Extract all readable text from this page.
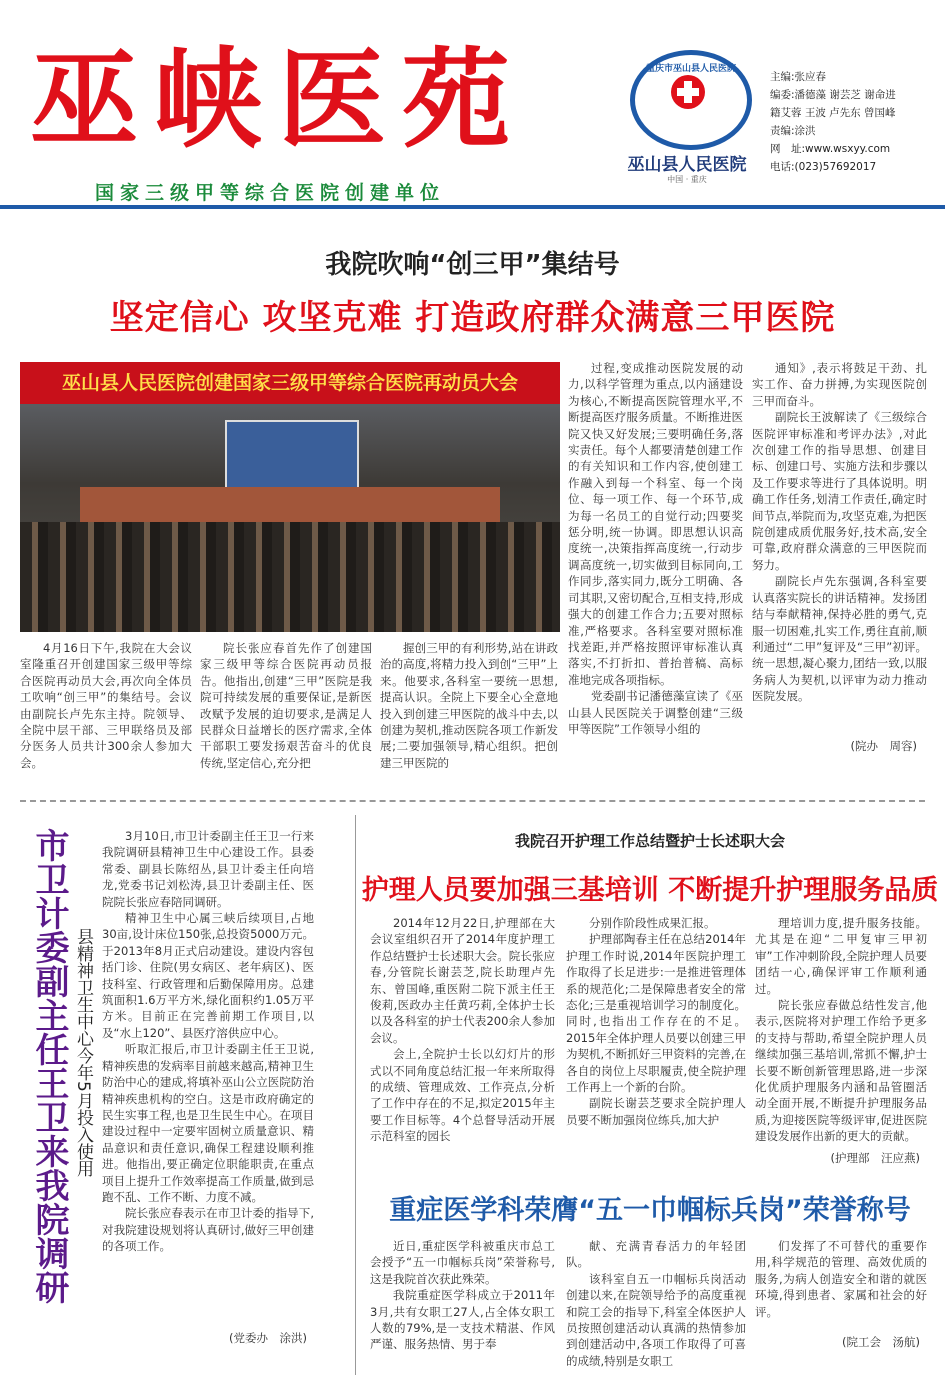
巫峡医苑
国家三级甲等综合医院创建单位
重庆市巫山县人民医院
巫山县人民医院
中国 · 重庆
主编:张应春
编委:潘德藻 谢芸芝 谢命进
籍艾蓉 王波 卢先东 曾国峰
责编:涂洪
网　址:www.wsxyy.com
电话:(023)57692017
我院吹响“创三甲”集结号
坚定信心 攻坚克难 打造政府群众满意三甲医院
巫山县人民医院创建国家三级甲等综合医院再动员大会

4月16日下午,我院在大会议室隆重召开创建国家三级甲等综合医院再动员大会,再次向全体员工吹响“创三甲”的集结号。会议由副院长卢先东主持。院领导、全院中层干部、三甲联络员及部分医务人员共计300余人参加大会。

院长张应春首先作了创建国家三级甲等综合医院再动员报告。他指出,创建“三甲”医院是我院可持续发展的重要保证,是新医改赋予发展的迫切要求,是满足人民群众日益增长的医疗需求,全体干部职工要发扬艰苦奋斗的优良传统,坚定信心,充分把

握创三甲的有利形势,站在讲政治的高度,将精力投入到创“三甲”上来。他要求,各科室一要统一思想,提高认识。全院上下要全心全意地投入到创建三甲医院的战斗中去,以创建为契机,推动医院各项工作新发展;二要加强领导,精心组织。把创建三甲医院的

过程,变成推动医院发展的动力,以科学管理为重点,以内涵建设为核心,不断提高医院管理水平,不断提高医疗服务质量。不断推进医院又快又好发展;三要明确任务,落实责任。每个人都要清楚创建工作的有关知识和工作内容,使创建工作融入到每一个科室、每一个岗位、每一项工作、每一个环节,成为每一名员工的自觉行动;四要奖惩分明,统一协调。即思想认识高度统一,决策指挥高度统一,行动步调高度统一,切实做到目标同向,工作同步,落实同力,既分工明确、各司其职,又密切配合,互相支持,形成强大的创建工作合力;五要对照标准,严格要求。各科室要对照标准找差距,并严格按照评审标准认真落实,不打折扣、普抬普稿、高标准地完成各项指标。

党委副书记潘德藻宣读了《巫山县人民医院关于调整创建“三级甲等医院”工作领导小组的

通知》,表示将鼓足干劲、扎实工作、奋力拼搏,为实现医院创三甲而奋斗。

副院长王波解读了《三级综合医院评审标准和考评办法》,对此次创建工作的指导思想、创建目标、创建口号、实施方法和步骤以及工作要求等进行了具体说明。明确工作任务,划清工作责任,确定时间节点,举院而为,攻坚克难,为把医院创建成质优服务好,技术高,安全可靠,政府群众满意的三甲医院而努力。

副院长卢先东强调,各科室要认真落实院长的讲话精神。发扬团结与奉献精神,保持必胜的勇气,克服一切困难,扎实工作,勇往直前,顺利通过“二甲”复评及“三甲”初评。统一思想,凝心聚力,团结一致,以服务病人为契机,以评审为动力推动医院发展。

(院办　周容)
市卫计委副主任王卫来我院调研 县精神卫生中心今年5月投入使用

3月10日,市卫计委副主任王卫一行来我院调研县精神卫生中心建设工作。县委常委、副县长陈绍丛,县卫计委主任向培龙,党委书记刘松涛,县卫计委副主任、医院院长张应春陪同调研。

精神卫生中心属三峡后续项目,占地30亩,设计床位150张,总投资5000万元。于2013年8月正式启动建设。建设内容包括门诊、住院(男女病区、老年病区)、医技科室、行政管理和后勤保障用房。总建筑面积1.6万平方米,绿化面积约1.05万平方米。目前正在完善前期工作项目,以及“水上120”、县医疗溶供应中心。

听取汇报后,市卫计委副主任王卫说,精神疾患的发病率目前越来越高,精神卫生防治中心的建成,将填补巫山公立医院防治精神疾患机构的空白。这是市政府确定的民生实事工程,也是卫生民生中心。在项目建设过程中一定要牢固树立质量意识、精品意识和责任意识,确保工程建设顺利推进。他指出,要正确定位职能职责,在重点项目上提升工作效率提高工作质量,做到忌跑不乱、工作不断、力度不减。

院长张应春表示在市卫计委的指导下,对我院建设规划将认真研讨,做好三甲创建的各项工作。

(党委办　涂洪)
我院召开护理工作总结暨护士长述职大会
护理人员要加强三基培训 不断提升护理服务品质

2014年12月22日,护理部在大会议室组织召开了2014年度护理工作总结暨护士长述职大会。院长张应春,分管院长谢芸芝,院长助理卢先东、曾国峰,重医附二院下派主任王俊莉,医政办主任黄巧莉,全体护士长以及各科室的护士代表200余人参加会议。

会上,全院护士长以幻灯片的形式以不同角度总结汇报一年来所取得的成绩、管理成效、工作亮点,分析了工作中存在的不足,拟定2015年主要工作目标等。4个总督导活动开展示范科室的园长

分别作阶段性成果汇报。

护理部陶春主任在总结2014年护理工作时说,2014年医院护理工作取得了长足进步:一是推进管理体系的规范化;二是保障患者安全的常态化;三是重视培训学习的制度化。同时,也指出工作存在的不足。2015年全体护理人员要以创建三甲为契机,不断抓好三甲资料的完善,在各自的岗位上尽职履责,使全院护理工作再上一个新的台阶。

副院长谢芸芝要求全院护理人员要不断加强岗位练兵,加大护

理培训力度,提升服务技能。尤其是在迎“二甲复审三甲初审”工作冲刺阶段,全院护理人员要团结一心,确保评审工作顺利通过。

院长张应春做总结性发言,他表示,医院将对护理工作给予更多的支持与帮助,希望全院护理人员继续加强三基培训,常抓不懈,护士长要不断创新管理思路,进一步深化优质护理服务内涵和品管圈活动全面开展,不断提升护理服务品质,为迎接医院等级评审,促进医院建设发展作出新的更大的贡献。

(护理部　汪应燕)
重症医学科荣膺“五一巾帼标兵岗”荣誉称号

近日,重症医学科被重庆市总工会授予“五一巾帼标兵岗”荣誉称号,这是我院首次获此殊荣。

我院重症医学科成立于2011年3月,共有女职工27人,占全体女职工人数的79%,是一支技术精湛、作风严谨、服务热情、男于奉

献、充满青春活力的年轻团队。

该科室自五一巾帼标兵岗活动创建以来,在院领导给予的高度重视和院工会的指导下,科室全体医护人员按照创建活动认真满的热情参加到创建活动中,各项工作取得了可喜的成绩,特别是女职工

们发挥了不可替代的重要作用,科学规范的管理、高效优质的服务,为病人创造安全和谐的就医环境,得到患者、家属和社会的好评。

(院工会　汤航)
